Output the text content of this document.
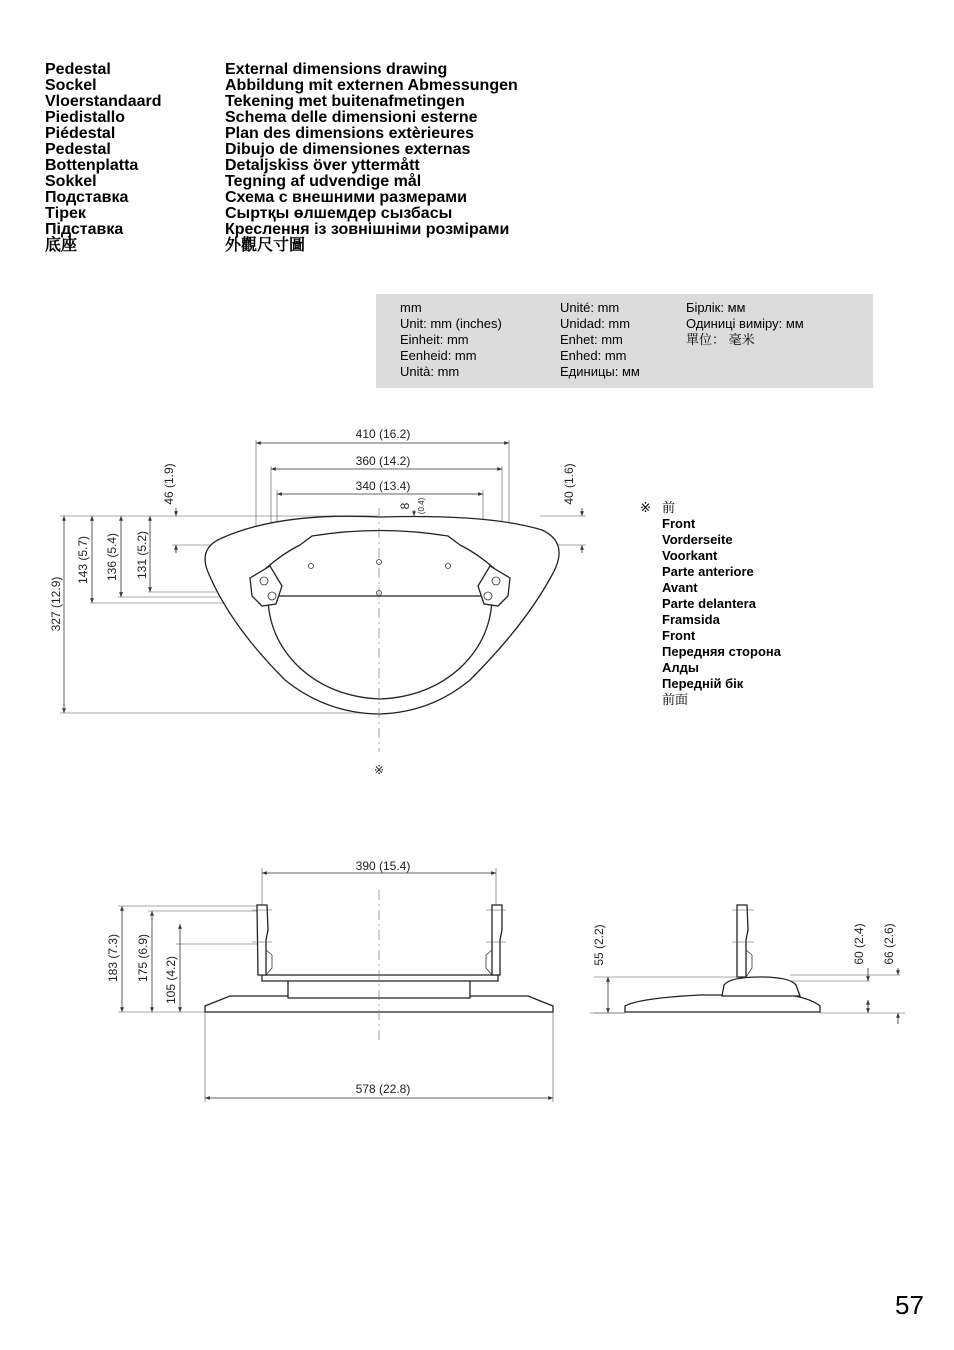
Pedestal
Sockel
Vloerstandaard
Piedistallo
Piédestal
Pedestal
Bottenplatta
Sokkel
Подставка
Тірек
Підставка
底座
External dimensions drawing
Abbildung mit externen Abmessungen
Tekening met buitenafmetingen
Schema delle dimensioni esterne
Plan des dimensions extèrieures
Dibujo de dimensiones externas
Detaljskiss över yttermått
Tegning af udvendige mål
Схема с внешними размерами
Сыртқы өлшемдер сызбасы
Креслення із зовнішніми розмірами
外觀尺寸圖
mm
Unit: mm (inches)
Einheit: mm
Eenheid: mm
Unità: mm
Unité: mm
Unidad: mm
Enhet: mm
Enhed: mm
Единицы: мм
Бірлік: мм
Одиниці виміру: мм
單位： 毫米
※ 前
Front
Vorderseite
Voorkant
Parte anteriore
Avant
Parte delantera
Framsida
Front
Передняя сторона
Алды
Передній бік
前面
410 (16.2)
360 (14.2)
340 (13.4)
327 (12.9)
143 (5.7) 136 (5.4) 131 (5.2)
46 (1.9)	40 (1.6)
8 (0.4)
※
390 (15.4)
183 (7.3) 175 (6.9) 105 (4.2)
578 (22.8)
55 (2.2)	60 (2.4) 66 (2.6)
57
